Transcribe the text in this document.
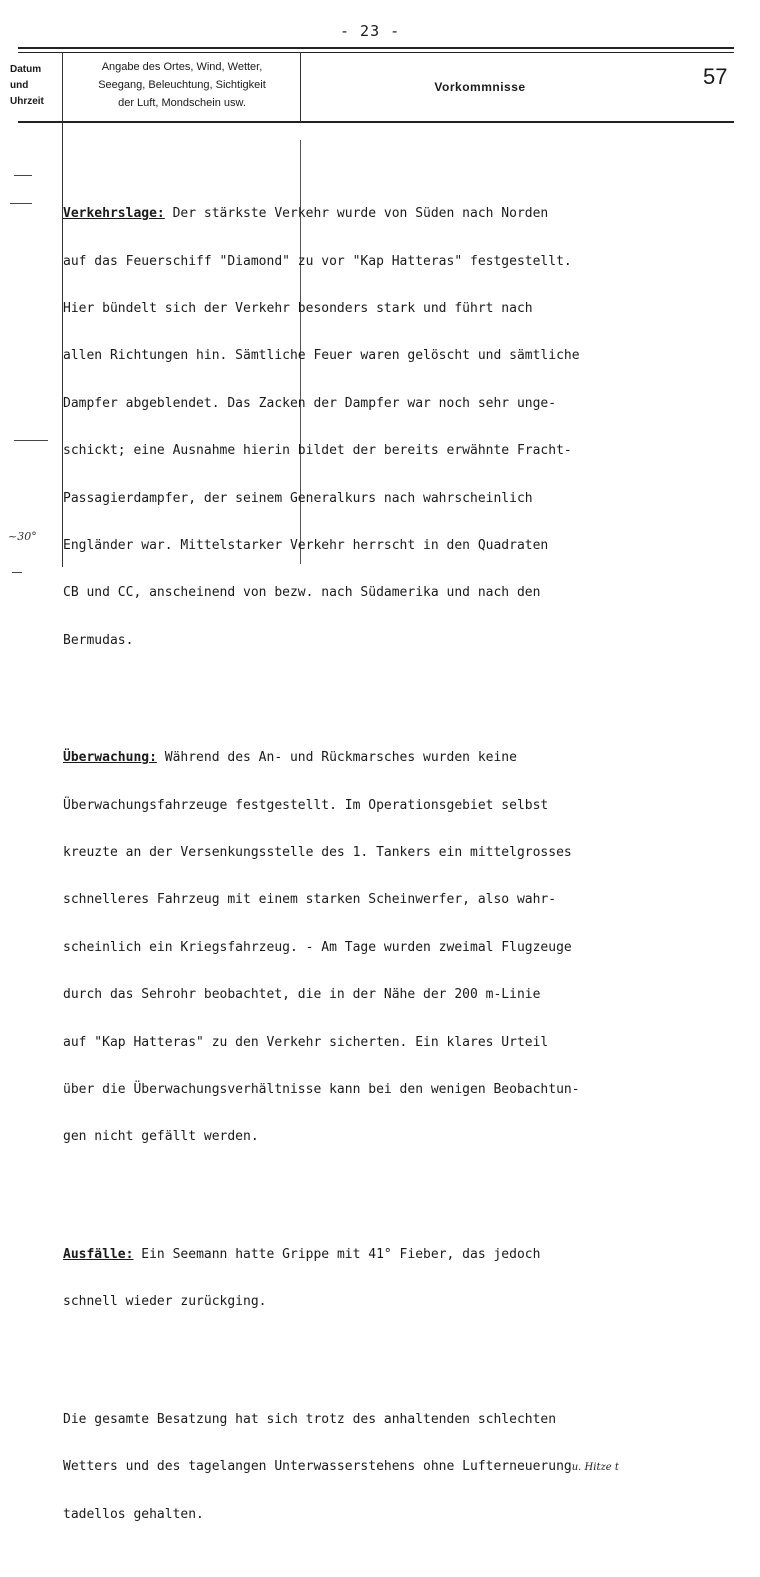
- 23 -
Datum
und
Uhrzeit
Angabe des Ortes, Wind, Wetter,
Seegang, Beleuchtung, Sichtigkeit
der Luft, Mondschein usw.
Vorkommnisse	57

Verkehrslage: Der stärkste Verkehr wurde von Süden nach Norden

auf das Feuerschiff "Diamond" zu vor "Kap Hatteras" festgestellt.

Hier bündelt sich der Verkehr besonders stark und führt nach

allen Richtungen hin. Sämtliche Feuer waren gelöscht und sämtliche

Dampfer abgeblendet. Das Zacken der Dampfer war noch sehr unge-

schickt; eine Ausnahme hierin bildet der bereits erwähnte Fracht-

Passagierdampfer, der seinem Generalkurs nach wahrscheinlich

Engländer war. Mittelstarker Verkehr herrscht in den Quadraten

CB und CC, anscheinend von bezw. nach Südamerika und nach den

Bermudas.

Überwachung: Während des An- und Rückmarsches wurden keine

Überwachungsfahrzeuge festgestellt. Im Operationsgebiet selbst

kreuzte an der Versenkungsstelle des 1. Tankers ein mittelgrosses

schnelleres Fahrzeug mit einem starken Scheinwerfer, also wahr-

scheinlich ein Kriegsfahrzeug. - Am Tage wurden zweimal Flugzeuge

durch das Sehrohr beobachtet, die in der Nähe der 200 m-Linie

auf "Kap Hatteras" zu den Verkehr sicherten. Ein klares Urteil

über die Überwachungsverhältnisse kann bei den wenigen Beobachtun-

gen nicht gefällt werden.

Ausfälle: Ein Seemann hatte Grippe mit 41° Fieber, das jedoch

schnell wieder zurückging.

Die gesamte Besatzung hat sich trotz des anhaltenden schlechten

Wetters und des tagelangen Unterwasserstehens ohne Lufterneuerungu. Hitze t

tadellos gehalten.

~30°
